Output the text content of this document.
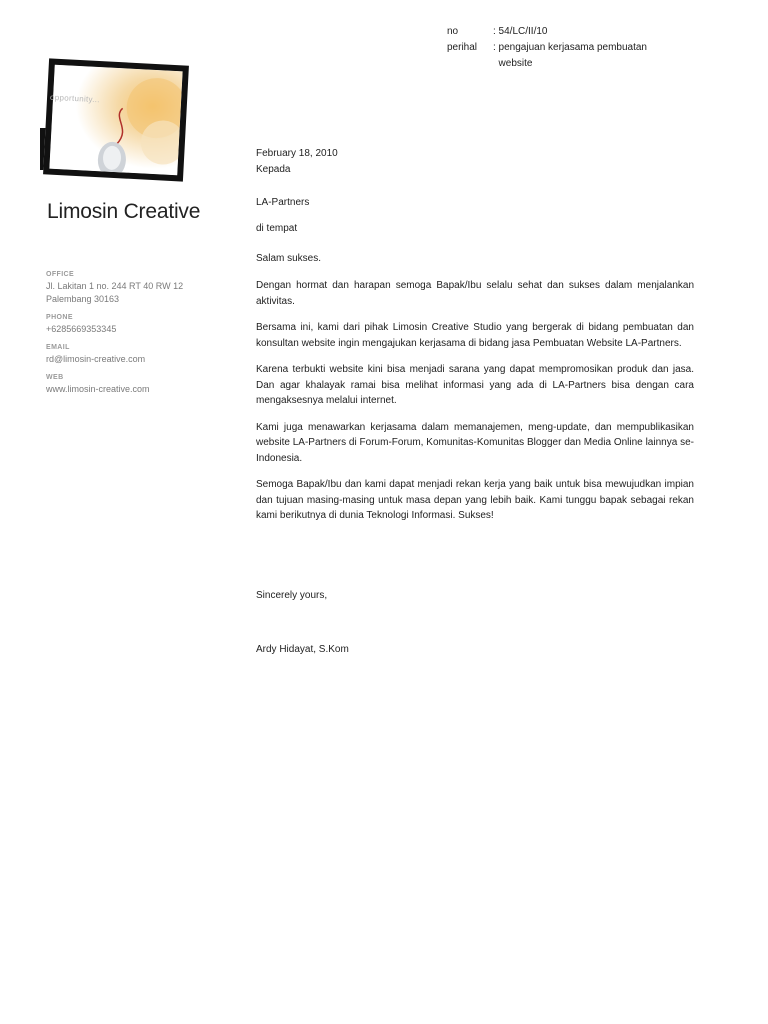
no	: 54/LC/II/10
perihal	: pengajuan kerjasama pembuatan
website
opportunity...
Limosin Creative
OFFICE
Jl. Lakitan 1 no. 244 RT 40 RW 12
Palembang 30163
PHONE
+6285669353345
EMAIL
rd@limosin-creative.com
WEB
www.limosin-creative.com
February 18, 2010
Kepada
LA-Partners
di tempat
Salam sukses.

Dengan hormat dan harapan semoga Bapak/Ibu selalu sehat dan sukses dalam menjalankan aktivitas.

Bersama ini, kami dari pihak Limosin Creative Studio yang bergerak di bidang pembuatan dan konsultan website ingin mengajukan kerjasama di bidang jasa Pembuatan Website LA-Partners.

Karena terbukti website kini bisa menjadi sarana yang dapat mempromosikan produk dan jasa. Dan agar khalayak ramai bisa melihat informasi yang ada di LA-Partners bisa dengan cara mengaksesnya melalui internet.

Kami juga menawarkan kerjasama dalam memanajemen, meng-update, dan mempublikasikan website LA-Partners di Forum-Forum, Komunitas-Komunitas Blogger dan Media Online lainnya se-Indonesia.

Semoga Bapak/Ibu dan kami dapat menjadi rekan kerja yang baik untuk bisa mewujudkan impian dan tujuan masing-masing untuk masa depan yang lebih baik. Kami tunggu bapak sebagai rekan kami berikutnya di dunia Teknologi Informasi. Sukses!

Sincerely yours,
Ardy Hidayat, S.Kom
